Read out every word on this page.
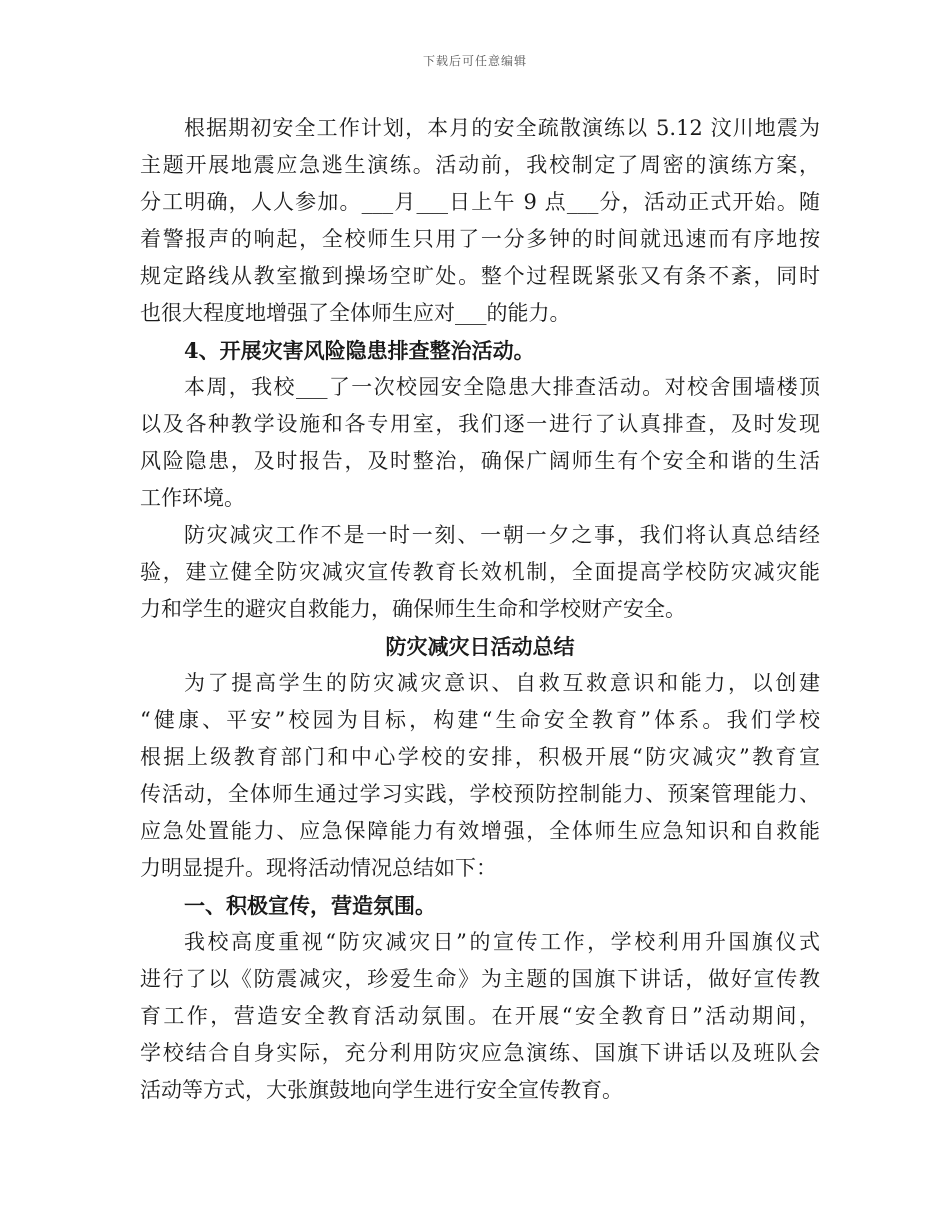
下载后可任意编辑
根据期初安全工作计划，本月的安全疏散演练以 5.12 汶川地震为
主题开展地震应急逃生演练。活动前，我校制定了周密的演练方案，
分工明确，人人参加。___月___日上午 9 点___分，活动正式开始。随
着警报声的响起，全校师生只用了一分多钟的时间就迅速而有序地按
规定路线从教室撤到操场空旷处。整个过程既紧张又有条不紊，同时
也很大程度地增强了全体师生应对___的能力。
4、开展灾害风险隐患排查整治活动。
本周，我校___了一次校园安全隐患大排查活动。对校舍围墙楼顶
以及各种教学设施和各专用室，我们逐一进行了认真排查，及时发现
风险隐患，及时报告，及时整治，确保广阔师生有个安全和谐的生活
工作环境。
防灾减灾工作不是一时一刻、一朝一夕之事，我们将认真总结经
验，建立健全防灾减灾宣传教育长效机制，全面提高学校防灾减灾能
力和学生的避灾自救能力，确保师生生命和学校财产安全。
防灾减灾日活动总结
为了提高学生的防灾减灾意识、自救互救意识和能力，以创建
“健康、平安”校园为目标，构建“生命安全教育”体系。我们学校
根据上级教育部门和中心学校的安排，积极开展“防灾减灾”教育宣
传活动，全体师生通过学习实践，学校预防控制能力、预案管理能力、
应急处置能力、应急保障能力有效增强，全体师生应急知识和自救能
力明显提升。现将活动情况总结如下：
一、积极宣传，营造氛围。
我校高度重视“防灾减灾日”的宣传工作，学校利用升国旗仪式
进行了以《防震减灾，珍爱生命》为主题的国旗下讲话，做好宣传教
育工作，营造安全教育活动氛围。在开展“安全教育日”活动期间，
学校结合自身实际，充分利用防灾应急演练、国旗下讲话以及班队会
活动等方式，大张旗鼓地向学生进行安全宣传教育。
